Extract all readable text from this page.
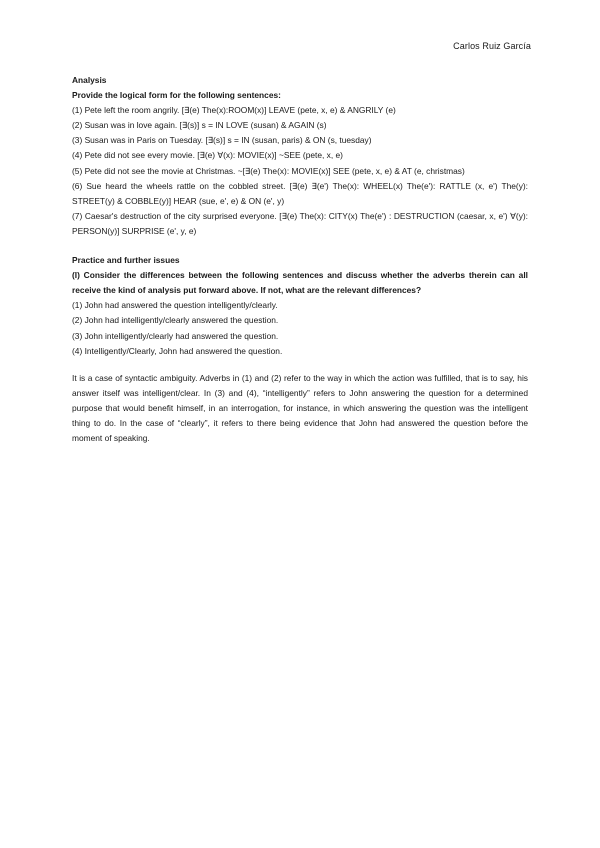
Carlos Ruiz García

Analysis

Provide the logical form for the following sentences:

(1) Pete left the room angrily. [∃(e) The(x):ROOM(x)] LEAVE (pete, x, e) & ANGRILY (e)

(2) Susan was in love again. [∃(s)] s = IN LOVE (susan) & AGAIN (s)

(3) Susan was in Paris on Tuesday. [∃(s)] s = IN (susan, paris) & ON (s, tuesday)

(4) Pete did not see every movie. [∃(e) ∀(x): MOVIE(x)] ~SEE (pete, x, e)

(5) Pete did not see the movie at Christmas. ~[∃(e) The(x): MOVIE(x)] SEE (pete, x, e) & AT (e, christmas)

(6) Sue heard the wheels rattle on the cobbled street. [∃(e) ∃(e') The(x): WHEEL(x) The(e'): RATTLE (x, e') The(y): STREET(y) & COBBLE(y)] HEAR (sue, e', e) & ON (e', y)

(7) Caesar's destruction of the city surprised everyone. [∃(e) The(x): CITY(x) The(e') : DESTRUCTION (caesar, x, e') ∀(y): PERSON(y)] SURPRISE (e', y, e)

Practice and further issues

(I) Consider the differences between the following sentences and discuss whether the adverbs therein can all receive the kind of analysis put forward above. If not, what are the relevant differences?

(1) John had answered the question intelligently/clearly.

(2) John had intelligently/clearly answered the question.

(3) John intelligently/clearly had answered the question.

(4) Intelligently/Clearly, John had answered the question.

It is a case of syntactic ambiguity. Adverbs in (1) and (2) refer to the way in which the action was fulfilled, that is to say, his answer itself was intelligent/clear. In (3) and (4), “intelligently” refers to John answering the question for a determined purpose that would benefit himself, in an interrogation, for instance, in which answering the question was the intelligent thing to do. In the case of “clearly”, it refers to there being evidence that John had answered the question before the moment of speaking.
